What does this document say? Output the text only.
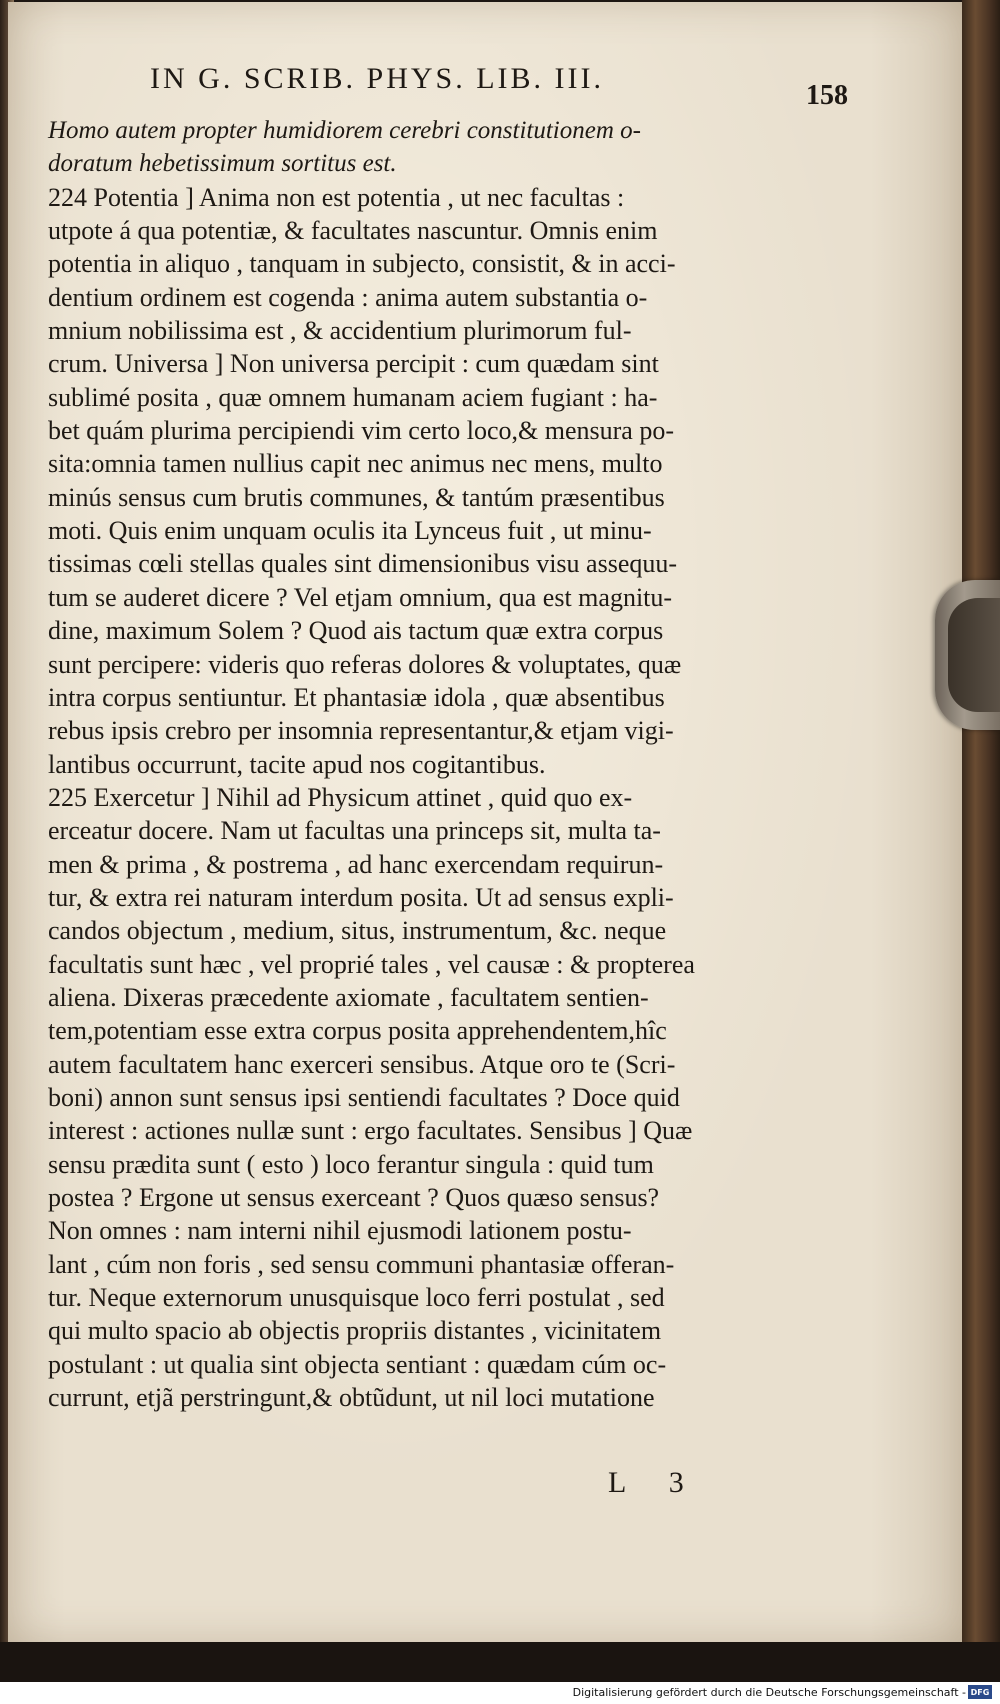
IN G. SCRIB. PHYS. LIB. III.
158
Homo autem propter humidiorem cerebri constitutionem o-
doratum hebetissimum sortitus est.
224 Potentia ] Anima non est potentia , ut nec facultas :
utpote á qua potentiæ, & facultates nascuntur. Omnis enim
potentia in aliquo , tanquam in subjecto, consistit, & in acci-
dentium ordinem est cogenda : anima autem substantia o-
mnium nobilissima est , & accidentium plurimorum ful-
crum. Universa ] Non universa percipit : cum quædam sint
sublimé posita , quæ omnem humanam aciem fugiant : ha-
bet quám plurima percipiendi vim certo loco,& mensura po-
sita:omnia tamen nullius capit nec animus nec mens, multo
minús sensus cum brutis communes, & tantúm præsentibus
moti. Quis enim unquam oculis ita Lynceus fuit , ut minu-
tissimas cœli stellas quales sint dimensionibus visu assequu-
tum se auderet dicere ? Vel etjam omnium, qua est magnitu-
dine, maximum Solem ? Quod ais tactum quæ extra corpus
sunt percipere: videris quo referas dolores & voluptates, quæ
intra corpus sentiuntur. Et phantasiæ idola , quæ absentibus
rebus ipsis crebro per insomnia representantur,& etjam vigi-
lantibus occurrunt, tacite apud nos cogitantibus.
225 Exercetur ] Nihil ad Physicum attinet , quid quo ex-
erceatur docere. Nam ut facultas una princeps sit, multa ta-
men & prima , & postrema , ad hanc exercendam requirun-
tur, & extra rei naturam interdum posita. Ut ad sensus expli-
candos objectum , medium, situs, instrumentum, &c. neque
facultatis sunt hæc , vel proprié tales , vel causæ : & propterea
aliena. Dixeras præcedente axiomate , facultatem sentien-
tem,potentiam esse extra corpus posita apprehendentem,hîc
autem facultatem hanc exerceri sensibus. Atque oro te (Scri-
boni) annon sunt sensus ipsi sentiendi facultates ? Doce quid
interest : actiones nullæ sunt : ergo facultates. Sensibus ] Quæ
sensu prædita sunt ( esto ) loco ferantur singula : quid tum
postea ? Ergone ut sensus exerceant ? Quos quæso sensus?
Non omnes : nam interni nihil ejusmodi lationem postu-
lant , cúm non foris , sed sensu communi phantasiæ offeran-
tur. Neque externorum unusquisque loco ferri postulat , sed
qui multo spacio ab objectis propriis distantes , vicinitatem
postulant : ut qualia sint objecta sentiant : quædam cúm oc-
currunt, etjã perstringunt,& obtũdunt, ut nil loci mutatione
L 3
Digitalisierung gefördert durch die Deutsche Forschungsgemeinschaft - DFG
